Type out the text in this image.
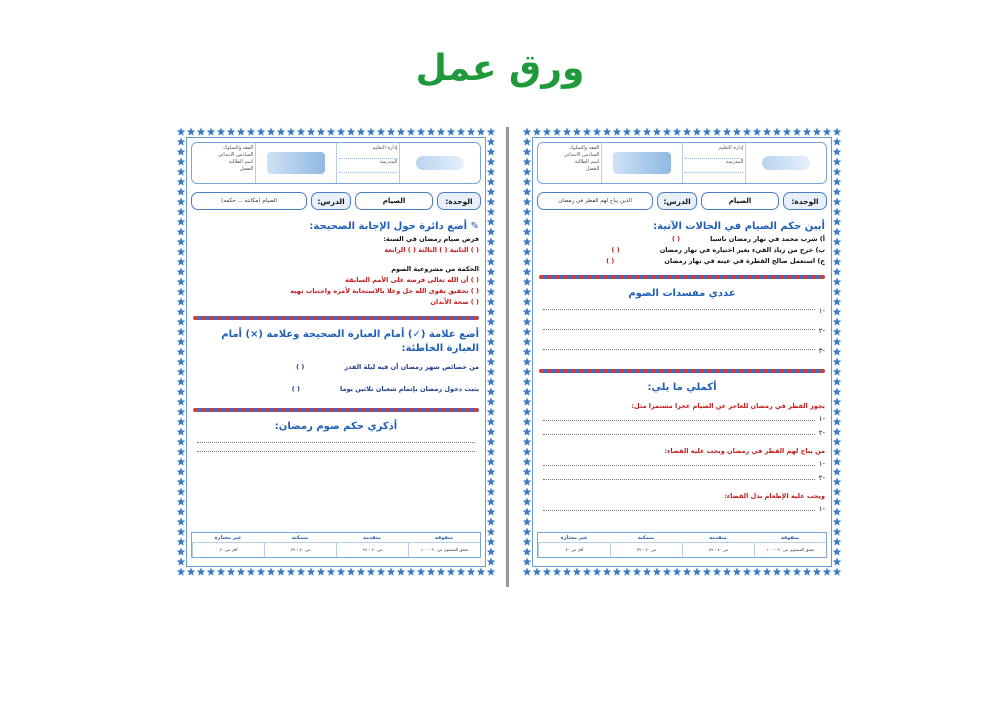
ورق عمل
إدارة التعليم
المدرسة
الفقه والسلوك
السادس الابتدائي
اسم الطالبة
الفصل
الوحدة:
الصيام
الدرس:
الذين يباح لهم الفطر في رمضان
أبين حكم الصيام في الحالات الآتية:
أ) شرب محمد في نهار رمضان ناسيا( )
ب) خرج من زياد القيء بغير اختياره في نهار رمضان( )
ج) استعمل صالح القطرة في عينه في نهار رمضان( )
عددي مفسدات الصوم
-١
-٢
-٣
أكملي ما يلي:
يجوز الفطر في رمضان للعاجز عن الصيام عجزا مستمرا مثل:
-١
-٢
من يباح لهم الفطر في رمضان ويجب عليه القضاء:
-١
-٢
ويجب عليه الإطعام بدل القضاء:
-١
متفوقة
متقدمة
متمكنة
غير مجتازة
تحقق المستوى من ٩٠ – ١٠٠
من ٨٠ – ٨٩
من ٧٠ – ٧٩
أقل من ٧٠
إدارة التعليم
المدرسة
الفقه والسلوك
السادس الابتدائي
اسم الطالبة
الفصل
الوحدة:
الصيام
الدرس:
الصيام (مكانته ... حكمه)
✎ أضع دائرة حول الإجابة الصحيحة:
فرض صيام رمضان في السنة:
( ) الثانية ( ) الثالثة ( ) الرابعة
الحكمة من مشروعية الصوم
( ) أن الله تعالى فرضه على الأمم السابقة
( ) تحقيق تقوى الله جل وعلا بالاستجابة لأمره واجتناب نهيه
( ) صحة الأبدان
أضع علامة (✓) أمام العبارة الصحيحة وعلامة (×) أمام العبارة الخاطئة:
من خصائص شهر رمضان أن فيه ليلة القدر( )
يثبت دخول رمضان بإتمام شعبان ثلاثين يوما( )
أذكري حكم صوم رمضان:
متفوقة
متقدمة
متمكنة
غير مجتازة
تحقق المستوى من ٩٠ – ١٠٠
من ٨٠ – ٨٩
من ٧٠ – ٧٩
أقل من ٧٠
